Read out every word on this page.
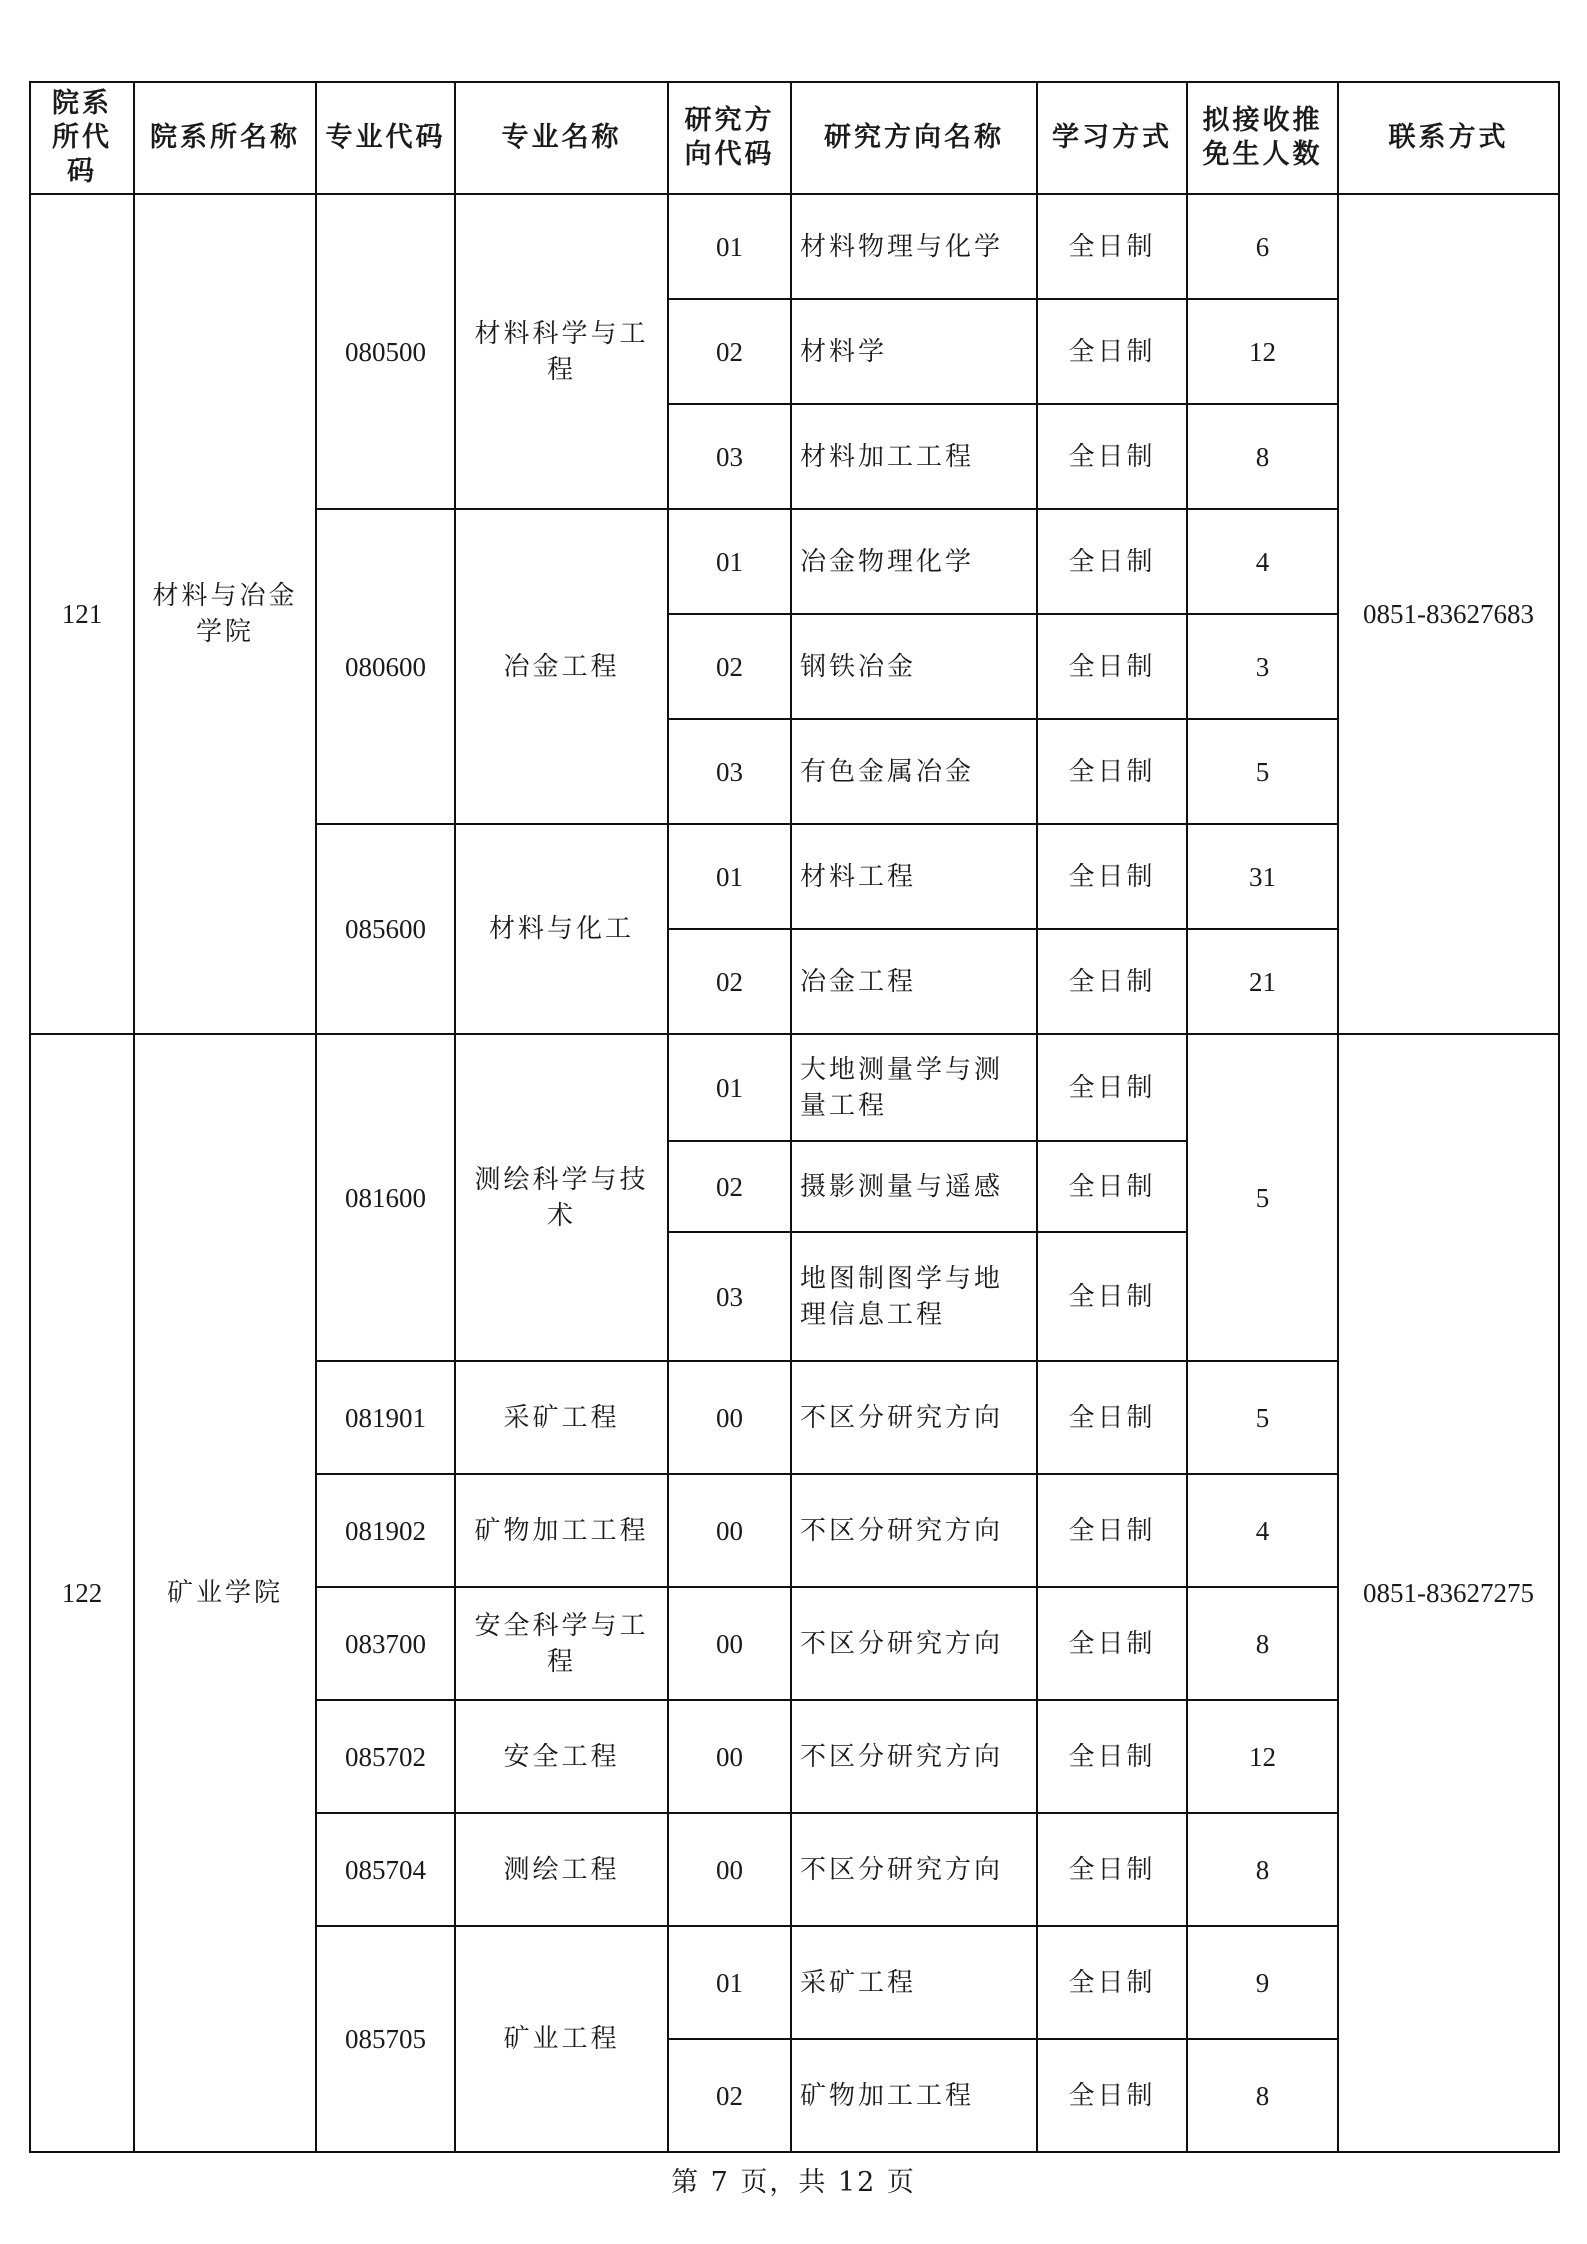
院系所代码	院系所名称	专业代码	专业名称	研究方向代码	研究方向名称	学习方式	拟接收推免生人数	联系方式
121	材料与冶金学院	080500	材料科学与工程	01	材料物理与化学	全日制	6	0851-83627683
				02	材料学	全日制	12	
				03	材料加工工程	全日制	8	
		080600	冶金工程	01	冶金物理化学	全日制	4	
				02	钢铁冶金	全日制	3	
				03	有色金属冶金	全日制	5	
		085600	材料与化工	01	材料工程	全日制	31	
				02	冶金工程	全日制	21	
122	矿业学院	081600	测绘科学与技术	01	大地测量学与测量工程	全日制	5	0851-83627275
				02	摄影测量与遥感	全日制		
				03	地图制图学与地理信息工程	全日制		
		081901	采矿工程	00	不区分研究方向	全日制	5	
		081902	矿物加工工程	00	不区分研究方向	全日制	4	
		083700	安全科学与工程	00	不区分研究方向	全日制	8	
		085702	安全工程	00	不区分研究方向	全日制	12	
		085704	测绘工程	00	不区分研究方向	全日制	8	
		085705	矿业工程	01	采矿工程	全日制	9	
				02	矿物加工工程	全日制	8	
第 7 页，共 12 页
